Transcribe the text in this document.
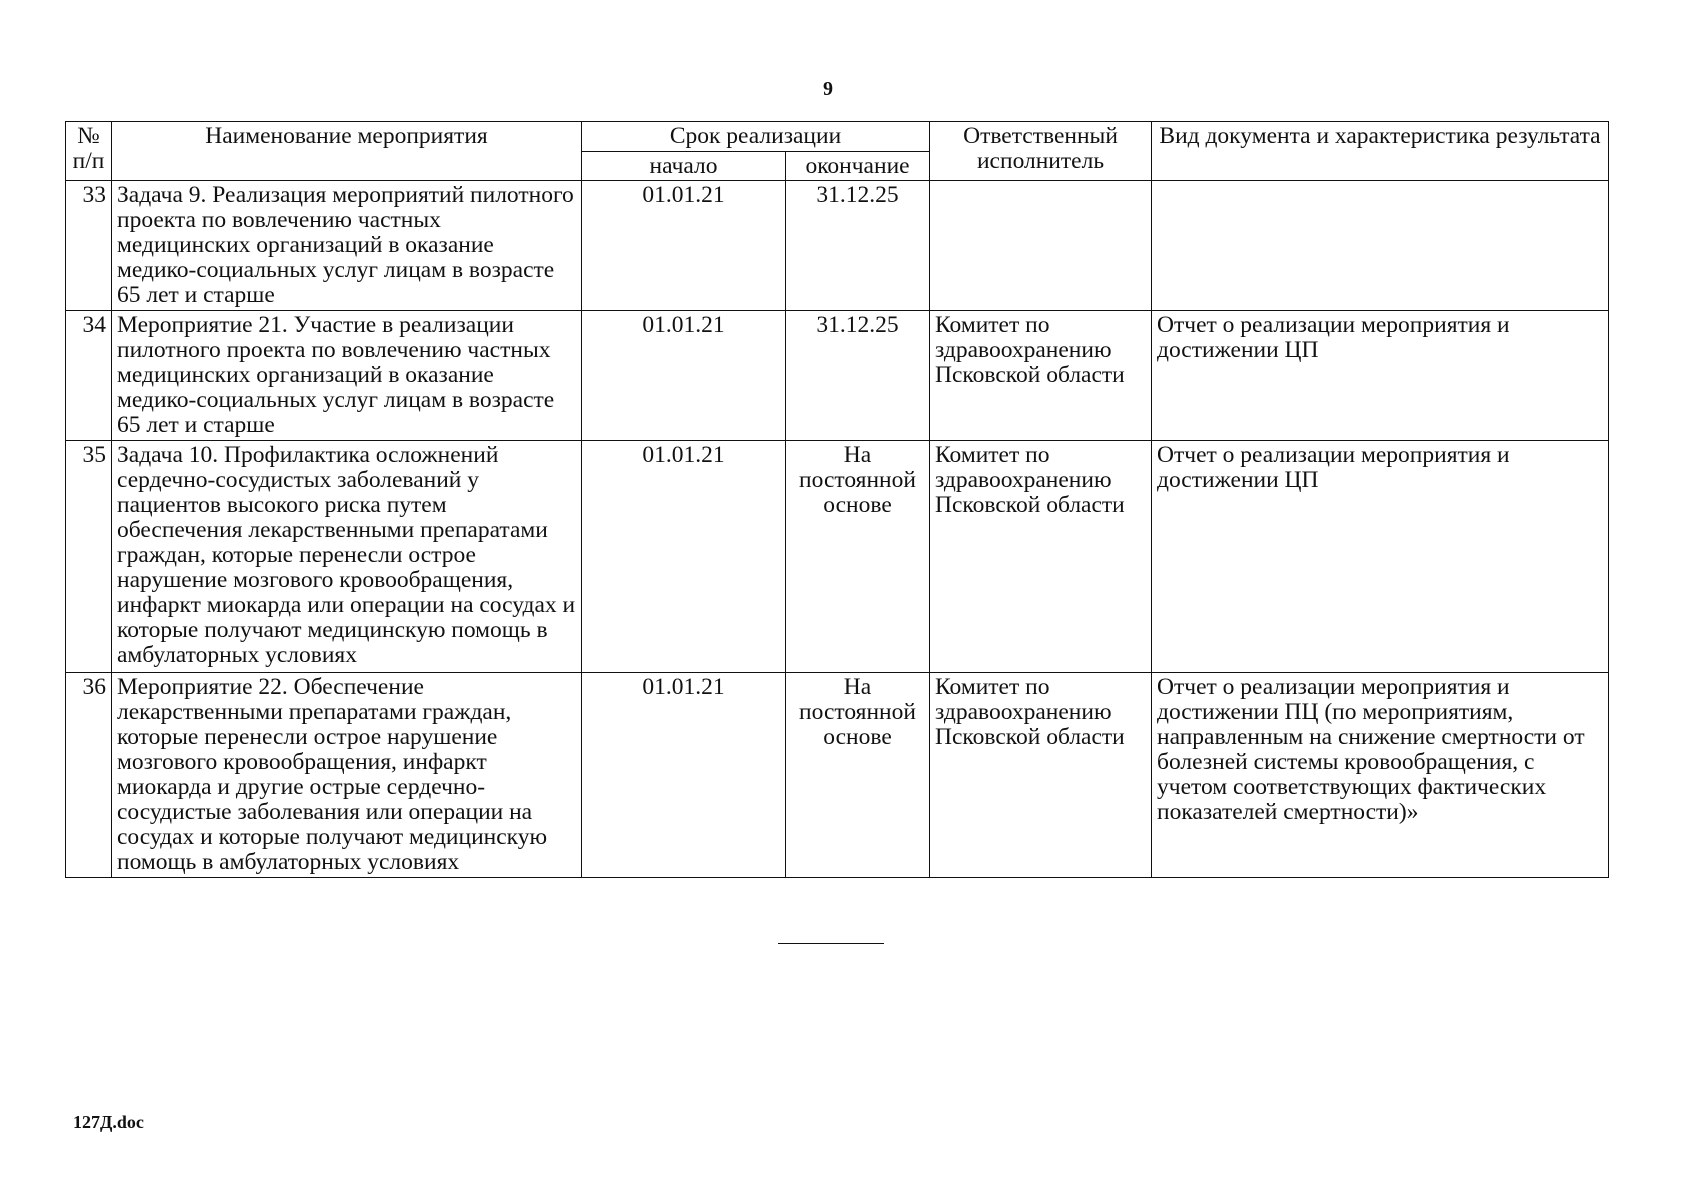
9
№ п/п	Наименование мероприятия	Срок реализации		Ответственный исполнитель	Вид документа и характеристика результата
		начало	окончание		
33	Задача 9. Реализация мероприятий пилотного проекта по вовлечению частных медицинских организаций в оказание медико-социальных услуг лицам в возрасте 65 лет и старше	01.01.21	31.12.25		
34	Мероприятие 21. Участие в реализации пилотного проекта по вовлечению частных медицинских организаций в оказание медико-социальных услуг лицам в возрасте 65 лет и старше	01.01.21	31.12.25	Комитет по здравоохранению Псковской области	Отчет о реализации мероприятия и достижении ЦП
35	Задача 10. Профилактика осложнений сердечно-сосудистых заболеваний у пациентов высокого риска путем обеспечения лекарственными препаратами граждан, которые перенесли острое нарушение мозгового кровообращения, инфаркт миокарда или операции на сосудах и которые получают медицинскую помощь в амбулаторных условиях	01.01.21	На постоянной основе	Комитет по здравоохранению Псковской области	Отчет о реализации мероприятия и достижении ЦП
36	Мероприятие 22. Обеспечение лекарственными препаратами граждан, которые перенесли острое нарушение мозгового кровообращения, инфаркт миокарда и другие острые сердечно-сосудистые заболевания или операции на сосудах и которые получают медицинскую помощь в амбулаторных условиях	01.01.21	На постоянной основе	Комитет по здравоохранению Псковской области	Отчет о реализации мероприятия и достижении ПЦ (по мероприятиям, направленным на снижение смертности от болезней системы кровообращения, с учетом соответствующих фактических показателей смертности)»
127Д.doc
